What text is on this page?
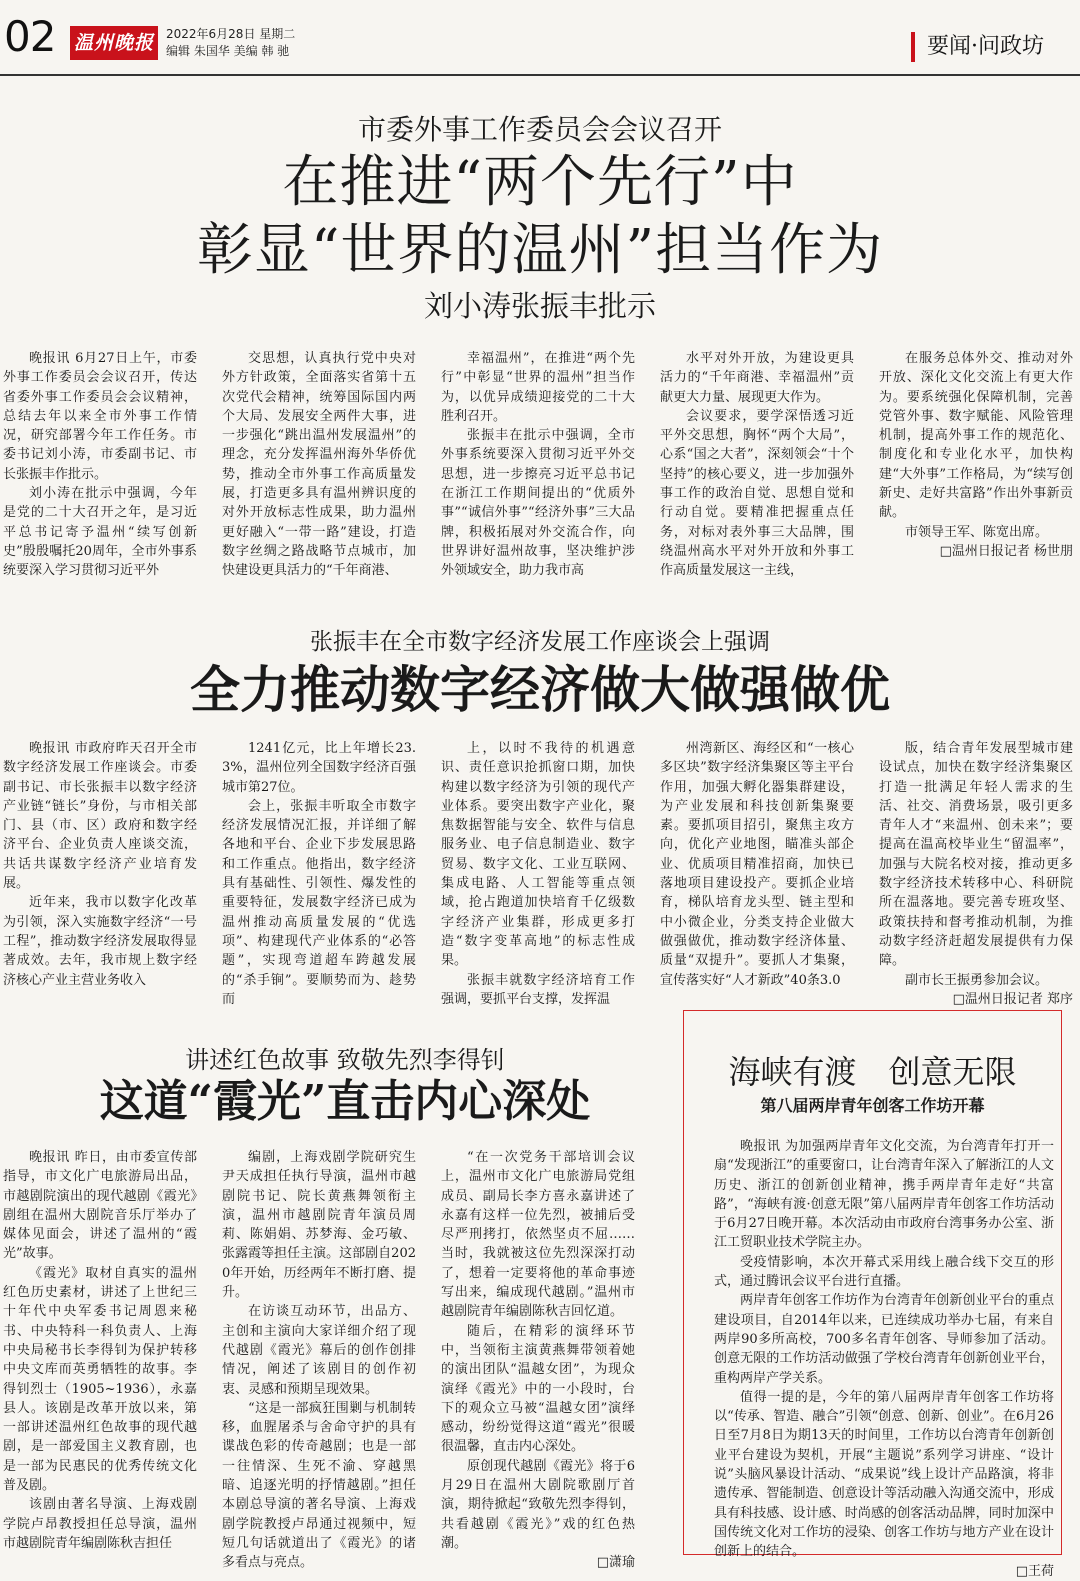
02 温州晚报	2022年6月28日 星期二
编辑 朱国华 美编 韩 驰	要闻·问政坊
市委外事工作委员会会议召开
在推进“两个先行”中
彰显“世界的温州”担当作为
刘小涛张振丰批示

晚报讯 6月27日上午，市委外事工作委员会会议召开，传达省委外事工作委员会会议精神，总结去年以来全市外事工作情况，研究部署今年工作任务。市委书记刘小涛，市委副书记、市长张振丰作批示。

刘小涛在批示中强调，今年是党的二十大召开之年，是习近平总书记寄予温州“续写创新史”殷殷嘱托20周年，全市外事系统要深入学习贯彻习近平外

交思想，认真执行党中央对外方针政策，全面落实省第十五次党代会精神，统筹国际国内两个大局、发展安全两件大事，进一步强化“跳出温州发展温州”的理念，充分发挥温州海外华侨优势，推动全市外事工作高质量发展，打造更多具有温州辨识度的对外开放标志性成果，助力温州更好融入“一带一路”建设，打造数字丝绸之路战略节点城市，加快建设更具活力的“千年商港、

幸福温州”，在推进“两个先行”中彰显“世界的温州”担当作为，以优异成绩迎接党的二十大胜利召开。

张振丰在批示中强调，全市外事系统要深入贯彻习近平外交思想，进一步擦亮习近平总书记在浙江工作期间提出的“优质外事”“诚信外事”“经济外事”三大品牌，积极拓展对外交流合作，向世界讲好温州故事，坚决维护涉外领域安全，助力我市高

水平对外开放，为建设更具活力的“千年商港、幸福温州”贡献更大力量、展现更大作为。

会议要求，要学深悟透习近平外交思想，胸怀“两个大局”，心系“国之大者”，深刻领会“十个坚持”的核心要义，进一步加强外事工作的政治自觉、思想自觉和行动自觉。要精准把握重点任务，对标对表外事三大品牌，围绕温州高水平对外开放和外事工作高质量发展这一主线，

在服务总体外交、推动对外开放、深化文化交流上有更大作为。要系统强化保障机制，完善党管外事、数字赋能、风险管理机制，提高外事工作的规范化、制度化和专业化水平，加快构建“大外事”工作格局，为“续写创新史、走好共富路”作出外事新贡献。

市领导王军、陈宽出席。

□温州日报记者 杨世朋

张振丰在全市数字经济发展工作座谈会上强调
全力推动数字经济做大做强做优

晚报讯 市政府昨天召开全市数字经济发展工作座谈会。市委副书记、市长张振丰以数字经济产业链“链长”身份，与市相关部门、县（市、区）政府和数字经济平台、企业负责人座谈交流，共话共谋数字经济产业培育发展。

近年来，我市以数字化改革为引领，深入实施数字经济“一号工程”，推动数字经济发展取得显著成效。去年，我市规上数字经济核心产业主营业务收入

1241亿元，比上年增长23.3%，温州位列全国数字经济百强城市第27位。

会上，张振丰听取全市数字经济发展情况汇报，并详细了解各地和平台、企业下步发展思路和工作重点。他指出，数字经济具有基础性、引领性、爆发性的重要特征，发展数字经济已成为温州推动高质量发展的“优选项”、构建现代产业体系的“必答题”，实现弯道超车跨越发展的“杀手锏”。要顺势而为、趁势而

上，以时不我待的机遇意识、责任意识抢抓窗口期，加快构建以数字经济为引领的现代产业体系。要突出数字产业化，聚焦数据智能与安全、软件与信息服务业、电子信息制造业、数字贸易、数字文化、工业互联网、集成电路、人工智能等重点领域，抢占跑道加快培育千亿级数字经济产业集群，形成更多打造“数字变革高地”的标志性成果。

张振丰就数字经济培育工作强调，要抓平台支撑，发挥温

州湾新区、海经区和“一核心多区块”数字经济集聚区等主平台作用，加强大孵化器集群建设，为产业发展和科技创新集聚要素。要抓项目招引，聚焦主攻方向，优化产业地图，瞄准头部企业、优质项目精准招商，加快已落地项目建设投产。要抓企业培育，梯队培育龙头型、链主型和中小微企业，分类支持企业做大做强做优，推动数字经济体量、质量“双提升”。要抓人才集聚，宣传落实好“人才新政”40条3.0

版，结合青年发展型城市建设试点，加快在数字经济集聚区打造一批满足年轻人需求的生活、社交、消费场景，吸引更多青年人才“来温州、创未来”；要提高在温高校毕业生“留温率”，加强与大院名校对接，推动更多数字经济技术转移中心、科研院所在温落地。要完善专班攻坚、政策扶持和督考推动机制，为推动数字经济赶超发展提供有力保障。

副市长王振勇参加会议。

□温州日报记者 郑序

讲述红色故事 致敬先烈李得钊
这道“霞光”直击内心深处

晚报讯 昨日，由市委宣传部指导，市文化广电旅游局出品，市越剧院演出的现代越剧《霞光》剧组在温州大剧院音乐厅举办了媒体见面会，讲述了温州的“霞光”故事。

《霞光》取材自真实的温州红色历史素材，讲述了上世纪三十年代中央军委书记周恩来秘书、中央特科一科负责人、上海中央局秘书长李得钊为保护转移中央文库而英勇牺牲的故事。李得钊烈士（1905~1936），永嘉县人。该剧是改革开放以来，第一部讲述温州红色故事的现代越剧，是一部爱国主义教育剧，也是一部为民惠民的优秀传统文化普及剧。

该剧由著名导演、上海戏剧学院卢昂教授担任总导演，温州市越剧院青年编剧陈秋吉担任

编剧，上海戏剧学院研究生尹天成担任执行导演，温州市越剧院书记、院长黄燕舞领衔主演，温州市越剧院青年演员周莉、陈娟娟、苏梦海、金巧敏、张露霞等担任主演。这部剧自2020年开始，历经两年不断打磨、提升。

在访谈互动环节，出品方、主创和主演向大家详细介绍了现代越剧《霞光》幕后的创作创排情况，阐述了该剧目的创作初衷、灵感和预期呈现效果。

“这是一部疯狂围剿与机制转移，血腥屠杀与舍命守护的具有谍战色彩的传奇越剧；也是一部一往情深、生死不渝、穿越黑暗、追逐光明的抒情越剧。”担任本剧总导演的著名导演、上海戏剧学院教授卢昂通过视频中，短短几句话就道出了《霞光》的诸多看点与亮点。

“在一次党务干部培训会议上，温州市文化广电旅游局党组成员、副局长李方喜永嘉讲述了永嘉有这样一位先烈，被捕后受尽严刑拷打，依然坚贞不屈……当时，我就被这位先烈深深打动了，想着一定要将他的革命事迹写出来，编成现代越剧。”温州市越剧院青年编剧陈秋吉回忆道。

随后，在精彩的演绎环节中，当领衔主演黄燕舞带领着她的演出团队“温越女团”，为现众演绎《霞光》中的一小段时，台下的观众立马被“温越女团”演绎感动，纷纷觉得这道“霞光”很暖很温馨，直击内心深处。

原创现代越剧《霞光》将于6月29日在温州大剧院歌剧厅首演，期待掀起“致敬先烈李得钊，共看越剧《霞光》”戏的红色热潮。

□潇瑜

海峡有渡　创意无限
第八届两岸青年创客工作坊开幕

晚报讯 为加强两岸青年文化交流，为台湾青年打开一扇“发现浙江”的重要窗口，让台湾青年深入了解浙江的人文历史、浙江的创新创业精神，携手两岸青年走好“共富路”，“海峡有渡·创意无限”第八届两岸青年创客工作坊活动于6月27日晚开幕。本次活动由市政府台湾事务办公室、浙江工贸职业技术学院主办。

受疫情影响，本次开幕式采用线上融合线下交互的形式，通过腾讯会议平台进行直播。

两岸青年创客工作坊作为台湾青年创新创业平台的重点建设项目，自2014年以来，已连续成功举办七届，有来自两岸90多所高校，700多名青年创客、导师参加了活动。创意无限的工作坊活动做强了学校台湾青年创新创业平台，重构两岸产学关系。

值得一提的是，今年的第八届两岸青年创客工作坊将以“传承、智造、融合”引领“创意、创新、创业”。在6月26日至7月8日为期13天的时间里，工作坊以台湾青年创新创业平台建设为契机，开展“主题说”系列学习讲座、“设计说”头脑风暴设计活动、“成果说”线上设计产品路演，将非遗传承、智能制造、创意设计等活动融入沟通交流中，形成具有科技感、设计感、时尚感的创客活动品牌，同时加深中国传统文化对工作坊的浸染、创客工作坊与地方产业在设计创新上的结合。

□王荷
